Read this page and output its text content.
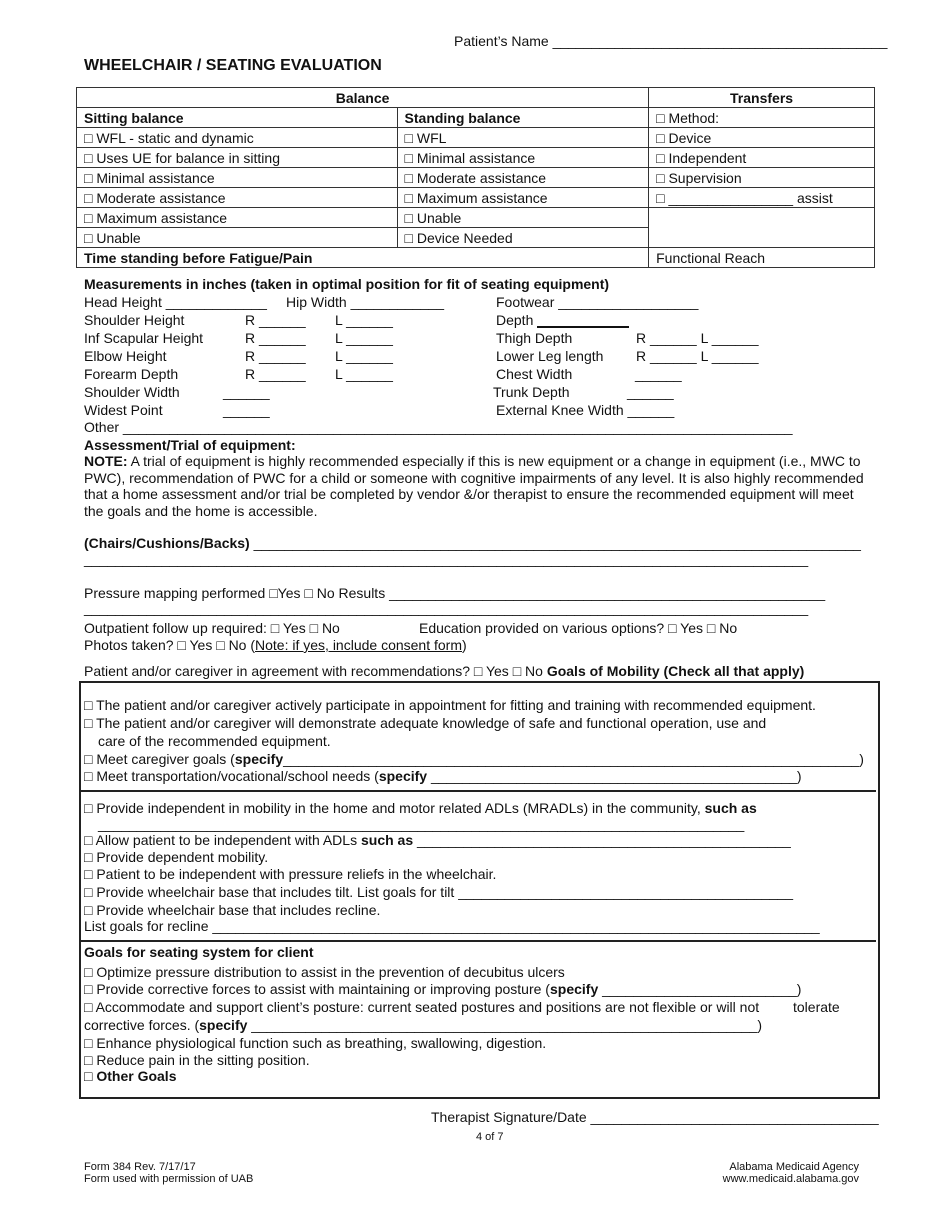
Patient’s Name ___________________________________________
WHEELCHAIR / SEATING EVALUATION
Balance		Transfers
Sitting balance	Standing balance	□ Method:
□ WFL - static and dynamic	□ WFL	□ Device
□ Uses UE for balance in sitting	□ Minimal assistance	□ Independent
□ Minimal assistance	□ Moderate assistance	□ Supervision
□ Moderate assistance	□ Maximum assistance	□ ________________ assist
□ Maximum assistance	□ Unable	
□ Unable	□ Device Needed	
Time standing before Fatigue/Pain		Functional Reach
Measurements in inches (taken in optimal position for fit of seating equipment)
Head Height _____________ Hip Width ____________	Footwear __________________
Shoulder Height	R ______ L ______	Depth
Inf Scapular Height	R ______ L ______	Thigh Depth	R ______ L ______
Elbow Height	R ______ L ______	Lower Leg length R ______ L ______
Forearm Depth	R ______ L ______	Chest Width	______
Shoulder Width	______	Trunk Depth	______
Widest Point	______	External Knee Width ______
Other ______________________________________________________________________________________
Assessment/Trial of equipment:
NOTE: A trial of equipment is highly recommended especially if this is new equipment or a change in equipment (i.e., MWC to PWC), recommendation of PWC for a child or someone with cognitive impairments of any level. It is also highly recommended that a home assessment and/or trial be completed by vendor &/or therapist to ensure the recommended equipment will meet the goals and the home is accessible.
(Chairs/Cushions/Backs) ______________________________________________________________________________
_____________________________________________________________________________________________
Pressure mapping performed □Yes □ No Results ________________________________________________________
_____________________________________________________________________________________________
Outpatient follow up required: □ Yes □ No	Education provided on various options? □ Yes □ No
Photos taken? □ Yes □ No (Note: if yes, include consent form)
Patient and/or caregiver in agreement with recommendations? □ Yes □ No Goals of Mobility (Check all that apply)
□ The patient and/or caregiver actively participate in appointment for fitting and training with recommended equipment.
□ The patient and/or caregiver will demonstrate adequate knowledge of safe and functional operation, use and
care of the recommended equipment.
□ Meet caregiver goals (specify__________________________________________________________________________)
□ Meet transportation/vocational/school needs (specify _______________________________________________)
□ Provide independent in mobility in the home and motor related ADLs (MRADLs) in the community, such as
___________________________________________________________________________________
□ Allow patient to be independent with ADLs such as ________________________________________________
□ Provide dependent mobility.
□ Patient to be independent with pressure reliefs in the wheelchair.
□ Provide wheelchair base that includes tilt. List goals for tilt ___________________________________________
□ Provide wheelchair base that includes recline.
List goals for recline ______________________________________________________________________________
Goals for seating system for client
□ Optimize pressure distribution to assist in the prevention of decubitus ulcers
□ Provide corrective forces to assist with maintaining or improving posture (specify _________________________)
□ Accommodate and support client’s posture: current seated postures and positions are not flexible or will not tolerate
corrective forces. (specify _________________________________________________________________)
□ Enhance physiological function such as breathing, swallowing, digestion.
□ Reduce pain in the sitting position.
□ Other Goals
Therapist Signature/Date _____________________________________
4 of 7
Form 384 Rev. 7/17/17
Form used with permission of UAB
Alabama Medicaid Agency
www.medicaid.alabama.gov
